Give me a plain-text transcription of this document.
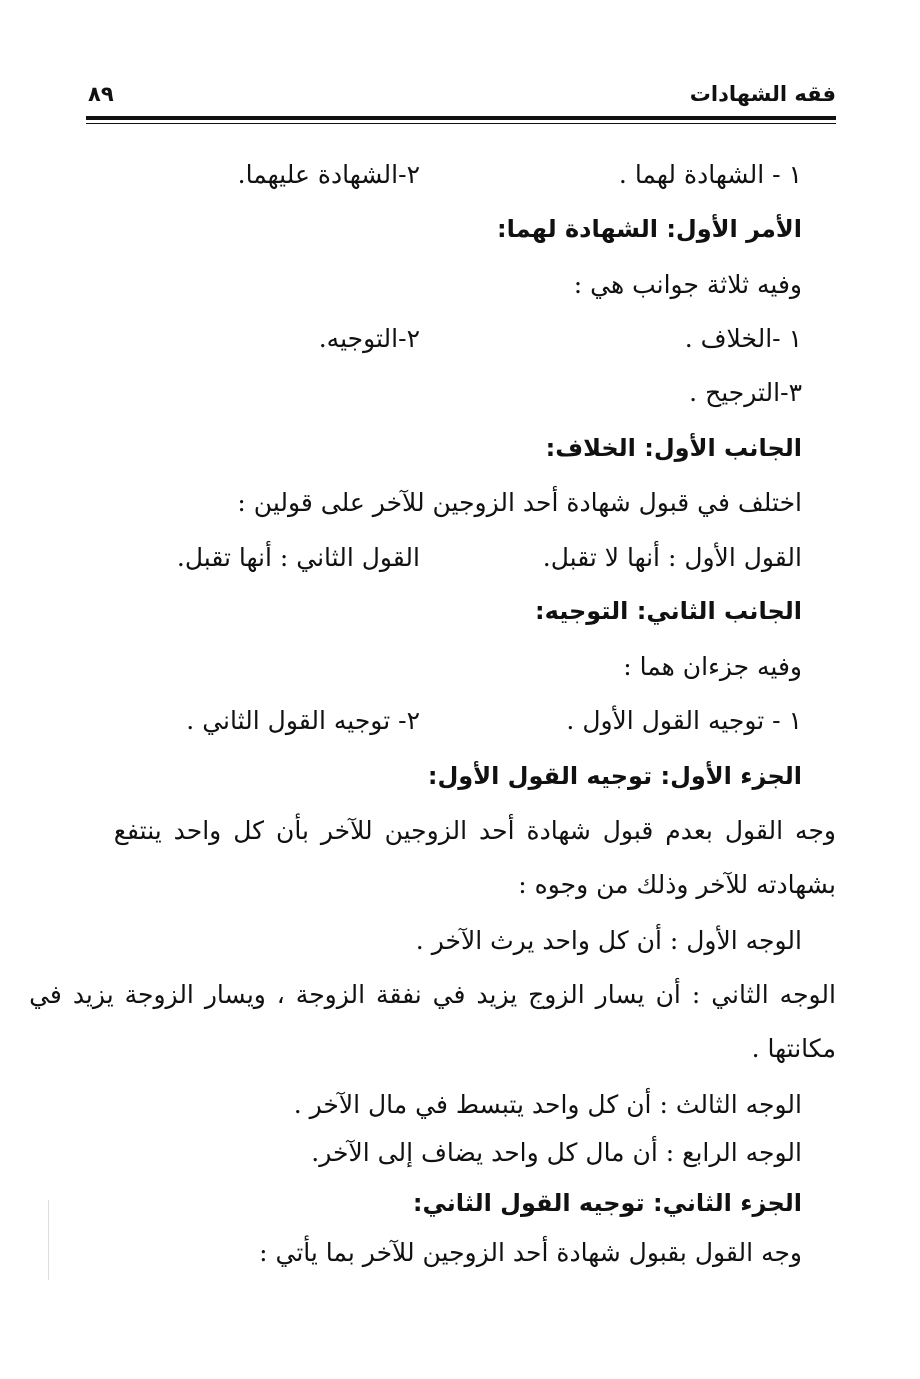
فقه الشهادات
٨٩
١ - الشهادة لهما .
٢-الشهادة عليهما.
الأمر الأول: الشهادة لهما:
وفيه ثلاثة جوانب هي :
١ -الخلاف .
٢-التوجيه.
٣-الترجيح .
الجانب الأول: الخلاف:
اختلف في قبول شهادة أحد الزوجين للآخر على قولين :
القول الأول : أنها لا تقبل.
القول الثاني : أنها تقبل.
الجانب الثاني: التوجيه:
وفيه جزءان هما :
١ - توجيه القول الأول .
٢- توجيه القول الثاني .
الجزء الأول: توجيه القول الأول:
وجه القول بعدم قبول شهادة أحد الزوجين للآخر بأن كل واحد ينتفع
بشهادته للآخر وذلك من وجوه :
الوجه الأول : أن كل واحد يرث الآخر .
الوجه الثاني : أن يسار الزوج يزيد في نفقة الزوجة ، ويسار الزوجة يزيد في
مكانتها .
الوجه الثالث : أن كل واحد يتبسط في مال الآخر .
الوجه الرابع : أن مال كل واحد يضاف إلى الآخر.
الجزء الثاني: توجيه القول الثاني:
وجه القول بقبول شهادة أحد الزوجين للآخر بما يأتي :
